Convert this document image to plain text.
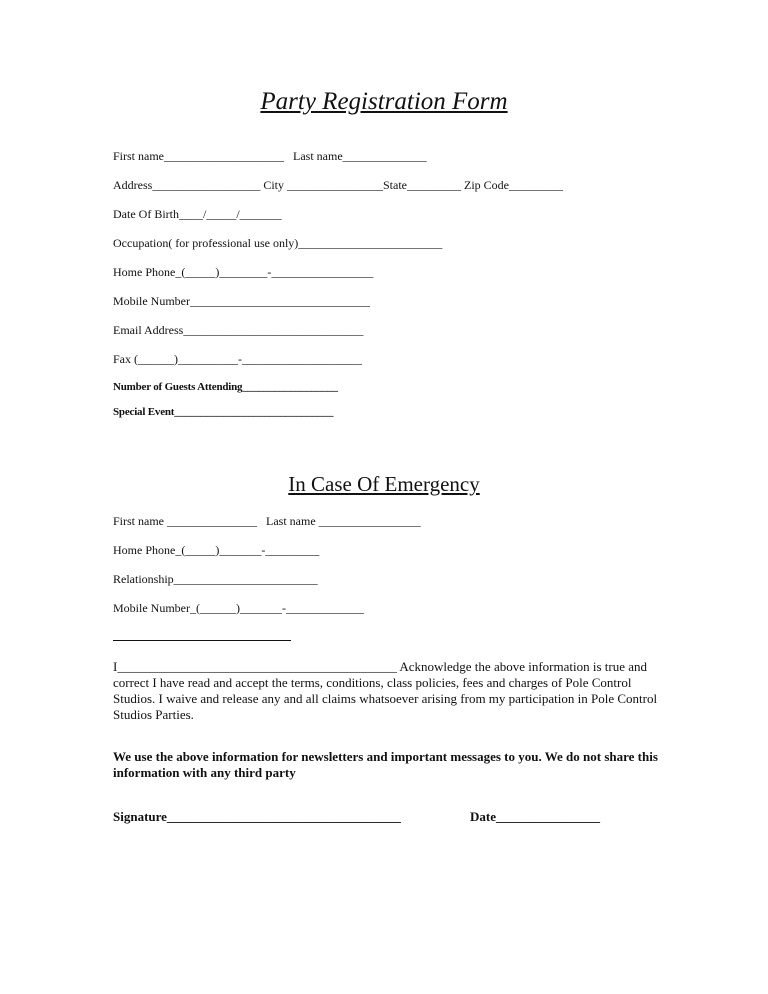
Party Registration Form
First name____________________   Last name______________
Address__________________ City ________________State_________ Zip Code_________
Date Of Birth____/_____/_______
Occupation( for professional use only)________________________
Home Phone_(_____)________-_________________
Mobile Number______________________________
Email Address______________________________
Fax (______)__________-____________________
Number of Guests Attending__________________
Special Event______________________________
In Case Of Emergency
First name _______________   Last name _________________
Home Phone_(_____)_______-_________
Relationship________________________
Mobile Number_(______)_______-_____________
I___________________________________________ Acknowledge the above information is true and correct I have read and accept the terms, conditions, class policies, fees and charges of Pole Control Studios. I waive and release any and all claims whatsoever arising from my participation in Pole Control Studios Parties.
We use the above information for newsletters and important messages to you. We do not share this information with any third party
Signature____________________________________	Date________________
